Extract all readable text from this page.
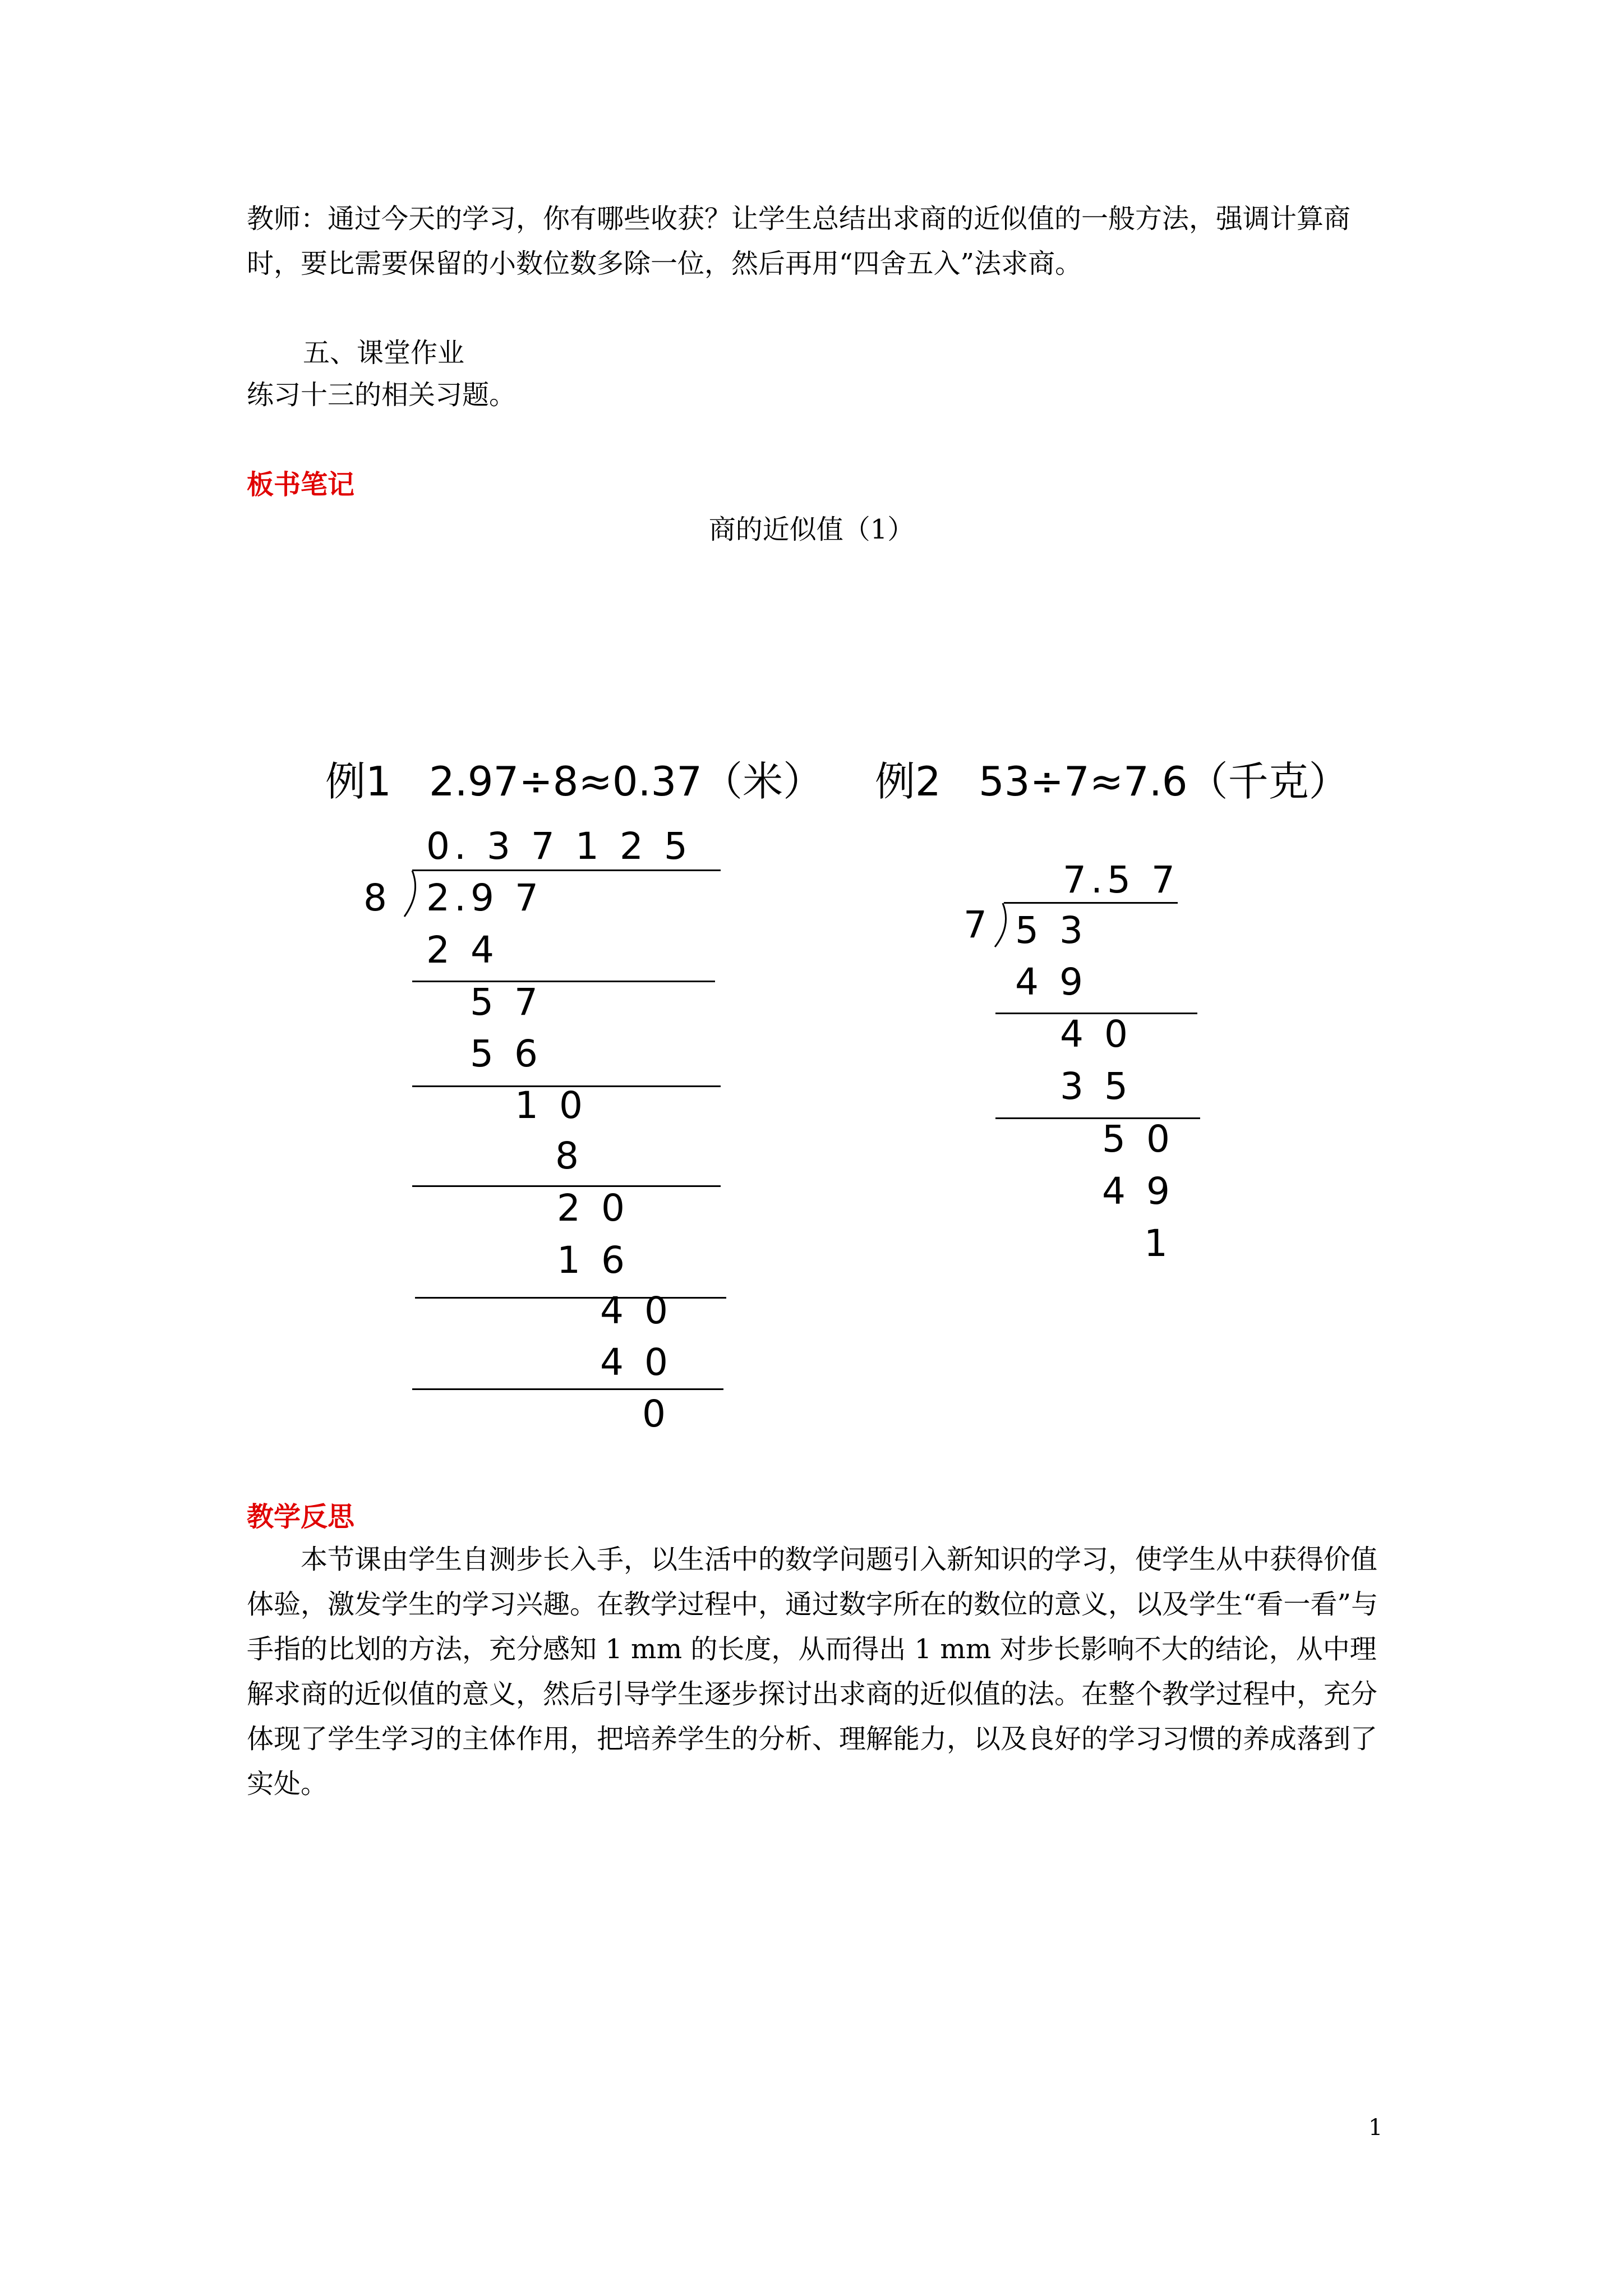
教师：通过今天的学习，你有哪些收获？让学生总结出求商的近似值的一般方法，强调计算商时，要比需要保留的小数位数多除一位，然后再用“四舍五入”法求商。

五、课堂作业

练习十三的相关习题。

板书笔记

商的近似值（1）

例1 2.97÷8≈0.37（米）
0. 3 7 1 2 5
8 2.9 7
2 4
5 7
5 6
1 0
8
2 0
1 6
4 0
4 0
0
例2 53÷7≈7.6（千克）
7.5 7
7 5 3
4 9
4 0
3 5
5 0
4 9
1

教学反思

本节课由学生自测步长入手，以生活中的数学问题引入新知识的学习，使学生从中获得价值体验，激发学生的学习兴趣。在教学过程中，通过数字所在的数位的意义，以及学生“看一看”与手指的比划的方法，充分感知 1 mm 的长度，从而得出 1 mm 对步长影响不大的结论，从中理解求商的近似值的意义，然后引导学生逐步探讨出求商的近似值的法。在整个教学过程中，充分体现了学生学习的主体作用，把培养学生的分析、理解能力，以及良好的学习习惯的养成落到了实处。

1
